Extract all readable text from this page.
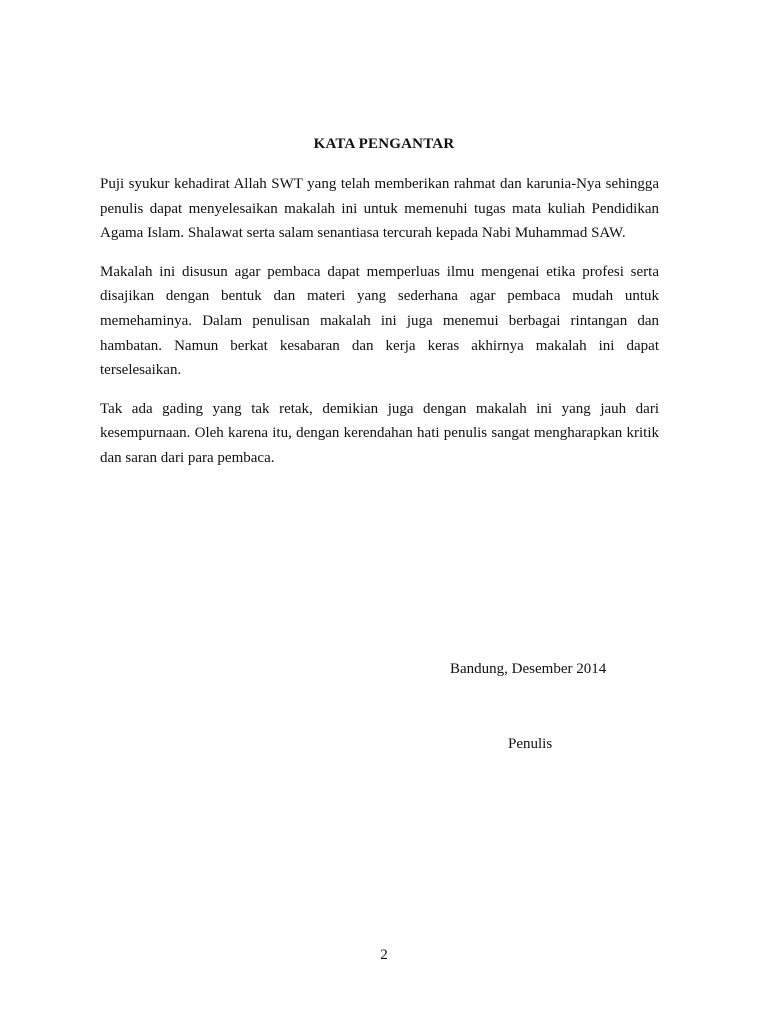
KATA PENGANTAR

Puji syukur kehadirat Allah SWT yang telah memberikan rahmat dan karunia-Nya sehingga penulis dapat menyelesaikan makalah ini untuk memenuhi tugas mata kuliah Pendidikan Agama Islam. Shalawat serta salam senantiasa tercurah kepada Nabi Muhammad SAW.

Makalah ini disusun agar pembaca dapat memperluas ilmu mengenai etika profesi serta disajikan dengan bentuk dan materi yang sederhana agar pembaca mudah untuk memehaminya. Dalam penulisan makalah ini juga menemui berbagai rintangan dan hambatan. Namun berkat kesabaran dan kerja keras akhirnya makalah ini dapat terselesaikan.

Tak ada gading yang tak retak, demikian juga dengan makalah ini yang jauh dari kesempurnaan. Oleh karena itu, dengan kerendahan hati penulis sangat mengharapkan kritik dan saran dari para pembaca.

Bandung, Desember 2014
Penulis
2
